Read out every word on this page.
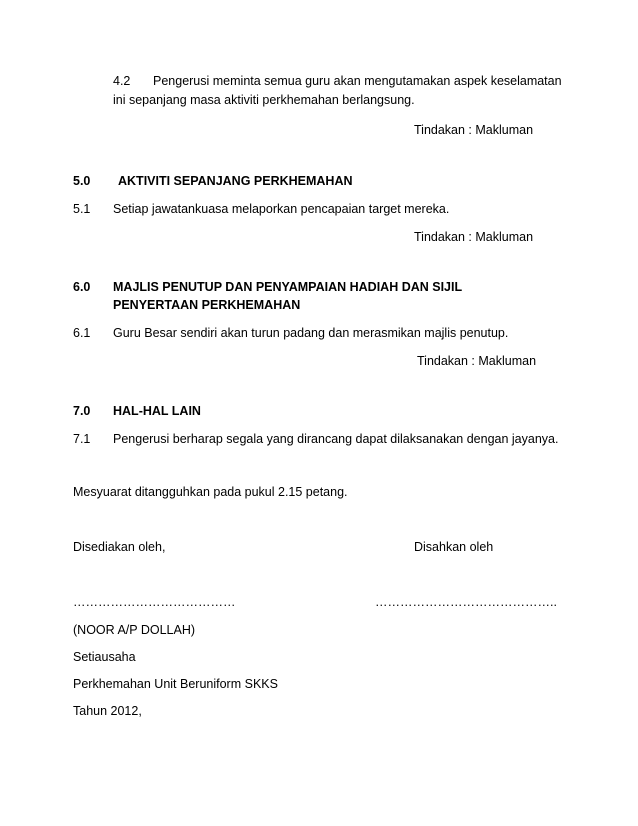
4.2 Pengerusi meminta semua guru akan mengutamakan aspek keselamatan
ini sepanjang masa aktiviti perkhemahan berlangsung.
Tindakan : Makluman
5.0 AKTIVITI SEPANJANG PERKHEMAHAN
5.1 Setiap jawatankuasa melaporkan pencapaian target mereka.
Tindakan : Makluman
6.0 MAJLIS PENUTUP DAN PENYAMPAIAN HADIAH DAN SIJIL
PENYERTAAN PERKHEMAHAN
6.1 Guru Besar sendiri akan turun padang dan merasmikan majlis penutup.
Tindakan : Makluman
7.0 HAL-HAL LAIN
7.1 Pengerusi berharap segala yang dirancang dapat dilaksanakan dengan jayanya.
Mesyuarat ditangguhkan pada pukul 2.15 petang.
Disediakan oleh,	Disahkan oleh
…………………………………	……………………………………..
(NOOR A/P DOLLAH)
Setiausaha
Perkhemahan Unit Beruniform SKKS
Tahun 2012,
